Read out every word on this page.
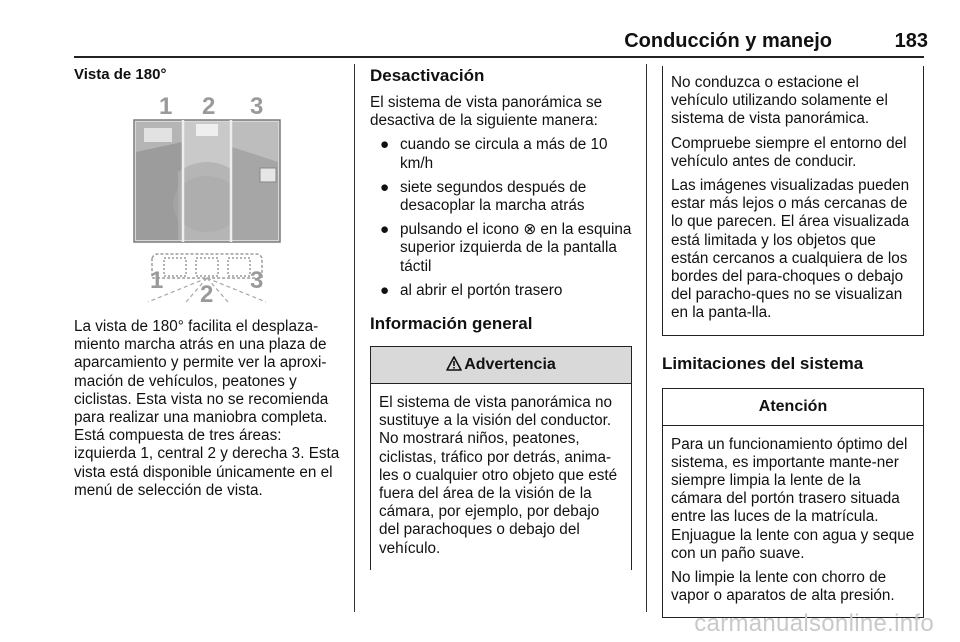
Conducción y manejo	183
Vista de 180°
1 2 3
1
2
3

La vista de 180° facilita el desplaza-miento marcha atrás en una plaza de aparcamiento y permite ver la aproxi-mación de vehículos, peatones y ciclistas. Esta vista no se recomienda para realizar una maniobra completa. Está compuesta de tres áreas: izquierda 1, central 2 y derecha 3. Esta vista está disponible únicamente en el menú de selección de vista.

Desactivación

El sistema de vista panorámica se desactiva de la siguiente manera:

● cuando se circula a más de 10 km/h
● siete segundos después de desacoplar la marcha atrás
● pulsando el icono ⊗ en la esquina superior izquierda de la pantalla táctil
● al abrir el portón trasero
Información general
Advertencia

El sistema de vista panorámica no sustituye a la visión del conductor. No mostrará niños, peatones, ciclistas, tráfico por detrás, anima-les o cualquier otro objeto que esté fuera del área de la visión de la cámara, por ejemplo, por debajo del parachoques o debajo del vehículo.

No conduzca o estacione el vehículo utilizando solamente el sistema de vista panorámica.

Compruebe siempre el entorno del vehículo antes de conducir.

Las imágenes visualizadas pueden estar más lejos o más cercanas de lo que parecen. El área visualizada está limitada y los objetos que están cercanos a cualquiera de los bordes del para-choques o debajo del paracho-ques no se visualizan en la panta-lla.

Limitaciones del sistema
Atención

Para un funcionamiento óptimo del sistema, es importante mante-ner siempre limpia la lente de la cámara del portón trasero situada entre las luces de la matrícula. Enjuague la lente con agua y seque con un paño suave.

No limpie la lente con chorro de vapor o aparatos de alta presión.

carmanualsonline.info
